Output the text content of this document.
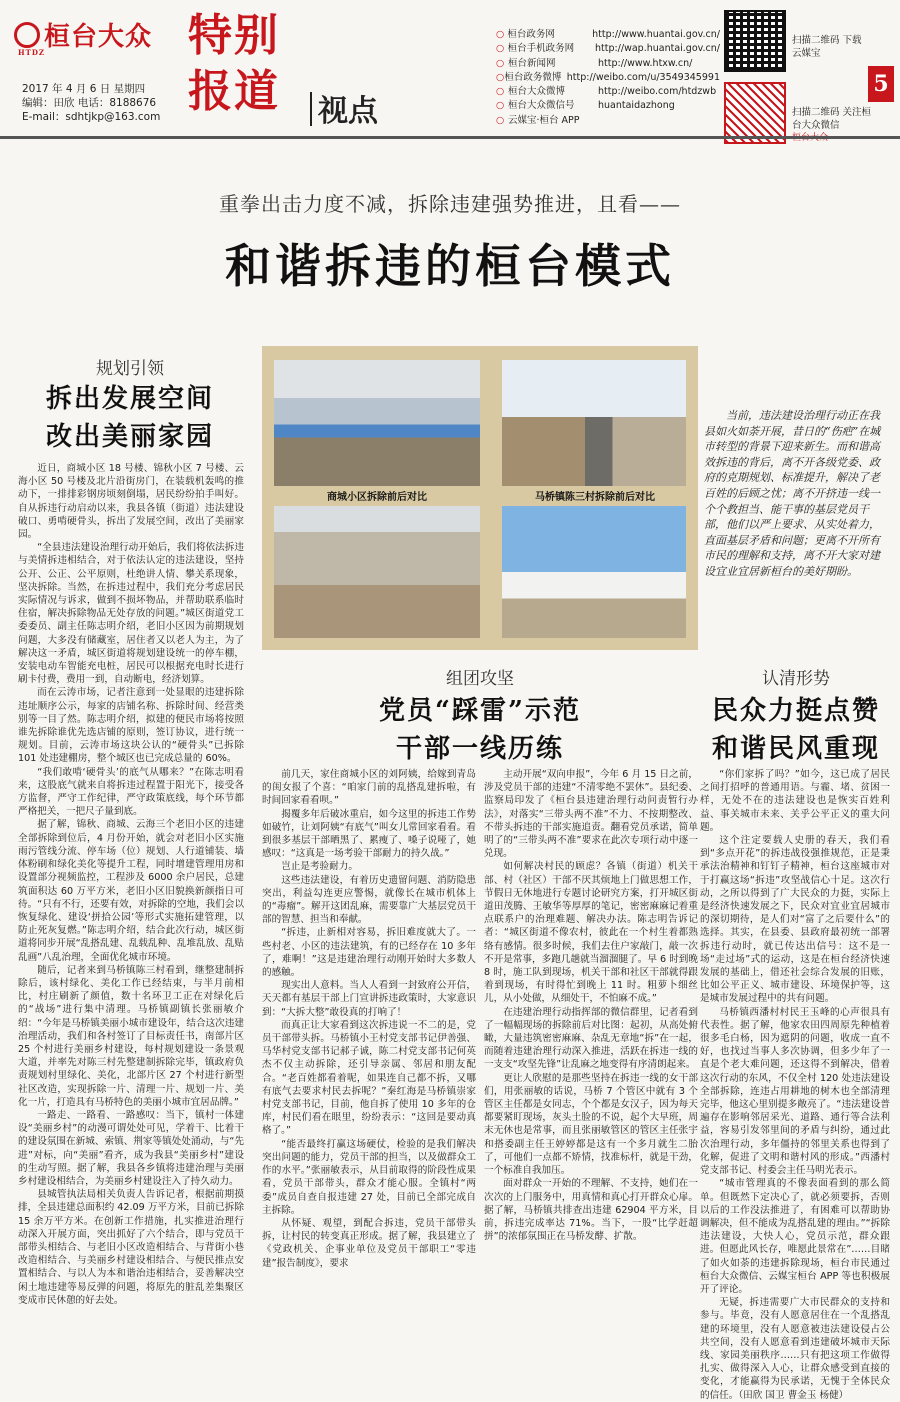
桓台大众
HTDZ
2017 年 4 月 6 日 星期四
编辑：田欣 电话：8188676
E-mail：sdhtjkp@163.com
特别
报道	视点
○ 桓台政务网	http://www.huantai.gov.cn/
○ 桓台手机政务网	http://wap.huantai.gov.cn/
○ 桓台新闻网	http://www.htxw.cn/
○ 桓台政务微博 http://weibo.com/u/3549345991
○ 桓台大众微博	http://weibo.com/htdzwb
○ 桓台大众微信号	huantaidazhong
○ 云媒宝·桓台 APP
扫描二维码 下载云媒宝
扫描二维码 关注桓台大众微信
5
重拳出击力度不减，拆除违建强势推进，且看——
和谐拆违的桓台模式
商城小区拆除前后对比	马桥镇陈三村拆除前后对比
当前，违法建设治理行动正在我县如火如荼开展，昔日的“伤疤”在城市转型的背景下迎来新生。而和谐高效拆违的背后，离不开各级党委、政府的克期规划、标准提升，解决了老百姓的后顾之忧；离不开挤违一线一个个教担当、能干事的基层党员干部，他们以严上要求、从实处着力，直面基层矛盾和问题；更离不开所有市民的理解和支持，离不开大家对建设宜业宜居新桓台的美好期盼。
规划引领
拆出发展空间
改出美丽家园

近日，商城小区 18 号楼、锦秋小区 7 号楼、云海小区 50 号楼及北片沿街房门，在装载机轰鸣的推动下，一排排彩钢房顷刻倒塌，居民纷纷拍手叫好。自从拆违行动启动以来，我县各镇（街道）违法建设破口、勇啃硬骨头，拆出了发展空间，改出了美丽家园。

“全县违法建设治理行动开始后，我们将依法拆违与美情拆违相结合，对于依法认定的违法建设，坚持公开、公正、公平原则，杜绝讲人情、攀关系现象，坚决拆除。当然，在拆违过程中，我们充分考虑居民实际情况与诉求，做到不损坏物品，并帮助联系临时住宿，解决拆除物品无处存放的问题。”城区街道党工委委员、副主任陈志明介绍，老旧小区因为前期规划问题，大多没有储藏室，居住者又以老人为主，为了解决这一矛盾，城区街道将规划建设统一的停车棚，安装电动车智能充电桩，居民可以根据充电时长进行刷卡付费，费用一到，自动断电，经济划算。

而在云涛市场，记者注意到一处显眼的违建拆除违址顺序公示，每家的店铺名称、拆除时间、经营类别等一目了然。陈志明介绍，拟建的便民市场将按照谁先拆除谁优先选店铺的原则，签订协议，进行统一规划。目前，云涛市场这块公认的“硬骨头”已拆除 101 处违建棚房，整个城区也已完成总量的 60%。

“我们敢啃‘硬骨头’的底气从哪来？”在陈志明看来，这股底气就来自将拆违过程置于阳光下，接受各方监督，严守工作纪律，严守政策底线，每个环节都严格把关，一把尺子量到底。

据了解，锦秋、商城、云海三个老旧小区的违建全部拆除到位后，4 月份开始，就会对老旧小区实施雨污管线分流、停车场（位）规划、人行道铺装、墙体粉刷和绿化美化等提升工程，同时增建管理用房和设置部分视频监控，工程涉及 6000 余户居民，总建筑面积达 60 万平方米，老旧小区旧貌换新颜指日可待。“只有不行，还要有效，对拆除的空地，我们会以恢复绿化、建设‘拼拾公园’等形式实施拓建管理，以防止死灰复燃。”陈志明介绍，结合此次行动，城区街道将同步开展“乱搭乱建、乱载乱种、乱堆乱放、乱贴乱画”八乱治理，全面优化城市环境。

随后，记者来到马桥镇陈三村看到，继整建制拆除后，该村绿化、美化工作已经结束，与半月前相比，村庄刷新了颜值，数十名环卫工正在对绿化后的“战场”进行集中清理。马桥镇副镇长张丽敏介绍：“今年是马桥镇美丽小城市建设年，结合这次违建治理活动，我们和各村签订了目标责任书，南部片区 25 个村进行美丽乡村建设，每村规划建设一条景观大道，并率先对陈三村先整建制拆除完毕，镇政府负责规划村里绿化、美化，北部片区 27 个村进行新型社区改造，实现拆除一片、清理一片、规划一片、美化一片，打造具有马桥特色的美丽小城市宜居品牌。”

一路走、一路看、一路感叹：当下，镇村一体建设“美丽乡村”的动漫可谓处处可见，学着干、比着干的建设氛围在新城、索镇、荆家等镇处处涌动，与“先进”对标，向“美丽”看齐，成为我县“美丽乡村”建设的生动写照。据了解，我县各乡镇将违建治理与美丽乡村建设相结合，为美丽乡村建设注入了持久动力。

县城管执法局相关负责人告诉记者，根据前期摸排，全县违建总面积约 42.09 万平方米，目前已拆除 15 余万平方米。在创新工作措施，扎实推进治理行动深入开展方面，突出抓好了六个结合，即与党员干部带头相结合、与老旧小区改造相结合、与背街小巷改造相结合、与美丽乡村建设相结合、与便民推点安置相结合、与以人为本和谐治违相结合，妥善解决空闲土地违建等易反弹的问题，将原先的脏乱差集聚区变成市民休憩的好去处。

组团攻坚
党员“踩雷”示范
干部一线历练

前几天，家住商城小区的刘阿姨，给嫁到青岛的闺女报了个喜：“咱家门前的乱搭乱建拆啦，有时间回家看看呗。”

揭覆多年后破冰重启，如今这里的拆违工作势如破竹，让刘阿姨“有底气”叫女儿常回家看看。看到很多基层干部晒黑了、累瘦了、嗓子说哑了，她感叹：“这真是一场考验干部耐力的持久战。”

岂止是考验耐力。

这些违法建设，有着历史遗留问题、消防隐患突出，利益勾连更应警惕，就像长在城市机体上的“毒瘤”。解开这团乱麻，需要靠广大基层党员干部的智慧、担当和奉献。

“拆违，止新相对容易，拆旧难度就大了。一些村老、小区的违法建筑，有的已经存在 10 多年了，难啊！”这是违建治理行动刚开始时大多数人的感触。

现实出人意料。当人人看到一封致府公开信，天天都有基层干部上门宣讲拆违政策时，大家意识到：“大拆大整”敢役真的打响了！

而真正让大家看到这次拆违说一不二的是，党员干部带头拆。马桥镇小王村党支部书记伊善强、马华村党支部书记郝子诚，陈二村党支部书记何英杰不仅主动拆除，还引导亲属、邻居和朋友配合。“老百姓都看着呢，如果连自己都不拆，又哪有底气去要求村民去拆呢？”秦红海是马桥镇崇家村党支部书记，目前，他自拆了使用 10 多年的仓库，村民们看在眼里，纷纷表示：“这回是要动真格了。”

“能否最终打赢这场硬仗，检验的是我们解决突出问题的能力，党员干部的担当，以及做群众工作的水平。”张丽敏表示，从目前取得的阶段性成果看，党员干部带头，群众才能心服。全镇村“两委”成员自查自报违建 27 处，目前已全部完成自主拆除。

从怀疑、观望，到配合拆违，党员干部带头拆，让村民的转变真正形成。据了解，我县建立了《党政机关、企事业单位及党员干部职工“零违建”报告制度》，要求

主动开展“双向申报”，今年 6 月 15 日之前，涉及党员干部的违建“不清零绝不罢休”。县纪委、监察局印发了《桓台县违建治理行动问责暂行办法》，对落实“三带头两不准”不力、不按期整改、不带头拆违的干部实施追责。翻看党员承诺，简单明了的“三带头两不准”要求在此次专项行动中逐一兑现。

如何解决村民的顾虑？各镇（街道）机关干部、村（社区）干部不厌其烦地上门做思想工作，节假日无休地进行专题讨论研究方案，打开城区街道田茂腾、王敏华等厚厚的笔记，密密麻麻记着重点联系户的治理难题、解决办法。陈志明告诉记者：“城区街道不像农村，彼此在一个村生着都熟络有感情。很多时候，我们去住户家敲门，敲一次不开是常事，多跑几趟就当溜溜腿了。早 6 时到晚 8 时，施工队到现场，机关干部和社区干部就得跟着到现场，有时得忙到晚上 11 时。粗萝卜细丝儿，从小处做，从细处干，不怕麻不成。”

在违建治理行动指挥部的微信群里，记者看到了一幅幅现场的拆除前后对比图：起初，从高处俯瞰，大量违筑密密麻麻、杂乱无章地“拆”在一起，而随着违建治理行动深入推进，活跃在拆违一线的一支支“攻坚先锋”让乱麻之地变得有序清朗起来。

更让人欣慰的是那些坚持在拆违一线的女干部们，用张丽敏的话说，马桥 7 个管区中就有 3 个管区主任都是女同志，个个都是女汉子，因为每天都要紧盯现场，灰头土脸的不说，起个大早班，周末无休也是常事，而且张丽敏管区的管区主任张宇和搭委副主任王婷婷都是这有一个多月就生二胎了，可他们一点都不矫情，找准标杆，就是干劲，一个标准自我加压。

面对群众一开始的不理解、不支持，她们在一次次的上门服务中，用真情和真心打开群众心扉。据了解，马桥镇共排查出违建 62904 平方米，目前，拆违完成率达 71%。当下，一股“比学赶超拼”的浓郁氛围正在马桥发酵、扩散。

认清形势
民众力挺点赞
和谐民风重现

“你们家拆了吗？”如今，这已成了居民之间打招呼的普通用语。与霾、堵、贫困一样，无处不在的违法建设也是恢实百姓利益、事关城市未来、关乎公平正义的重大问题。

这个注定要载人史册的春天，我们看到“多点开花”的拆违战役强推规范，正是秉承法治精神和钉钉子精神，桓台这座城市对于打赢这场“拆违”攻坚战信心十足。这次行动，之所以得到了广大民众的力挺，实际上是经济快速发展之下，民众对宜业宜居城市的深切期待，是人们对“富了之后要什么”的选择。其实，在县委、县政府最初统一部署拆违行动时，就已传达出信号：这不是一场“走过场”式的运动，这是在桓台经济快速发展的基础上，借还社会综合发展的旧账，比如公平正义、城市建设、环境保护等，这是城市发展过程中的共有问题。

马桥镇西潘村村民王玉峰的心声很具有代表性。据了解，他家农田四周原先种植着很多毛白杨，因为遮阴的问题，收成一直不好，也找过当事人多次协调，但多少年了一直是个老大难问题，还这得不到解决，借着这次行动的东风，不仅全村 120 处违法建设全部拆除，连违占用耕地的树木也全部清理完毕，他这心里别提多敞亮了。“违法建设普遍存在影响邻居采光、道路、通行等合法利益，容易引发邻里间的矛盾与纠纷，通过此次治理行动，多年僵持的邻里关系也得到了化解，促进了文明和谐村风的形成。”西潘村党支部书记、村委会主任马明光表示。

“城市管理真的不像表面看到的那么简单。但既然下定决心了，就必须要拆，否则以后的工作没法推进了，有困难可以帮助协调解决，但不能成为乱搭乱建的理由。”“拆除违法建设，大快人心，党员示范，群众跟进。但愿此风长存，唯愿此景常在”……目睹了如火如荼的违建拆除现场，桓台市民通过桓台大众微信、云媒宝桓台 APP 等也积极展开了评论。

无疑，拆违需要广大市民群众的支持和参与。毕竟，没有人愿意居住在一个乱搭乱建的环境里，没有人愿意被违法建设侵占公共空间，没有人愿意看到违建破坏城市天际线、家园美丽秩序……只有把这项工作做得扎实、做得深入人心，让群众感受到直接的变化，才能赢得为民承诺，无愧于全体民众的信任。（田欣 国卫 曹金玉 杨健）
